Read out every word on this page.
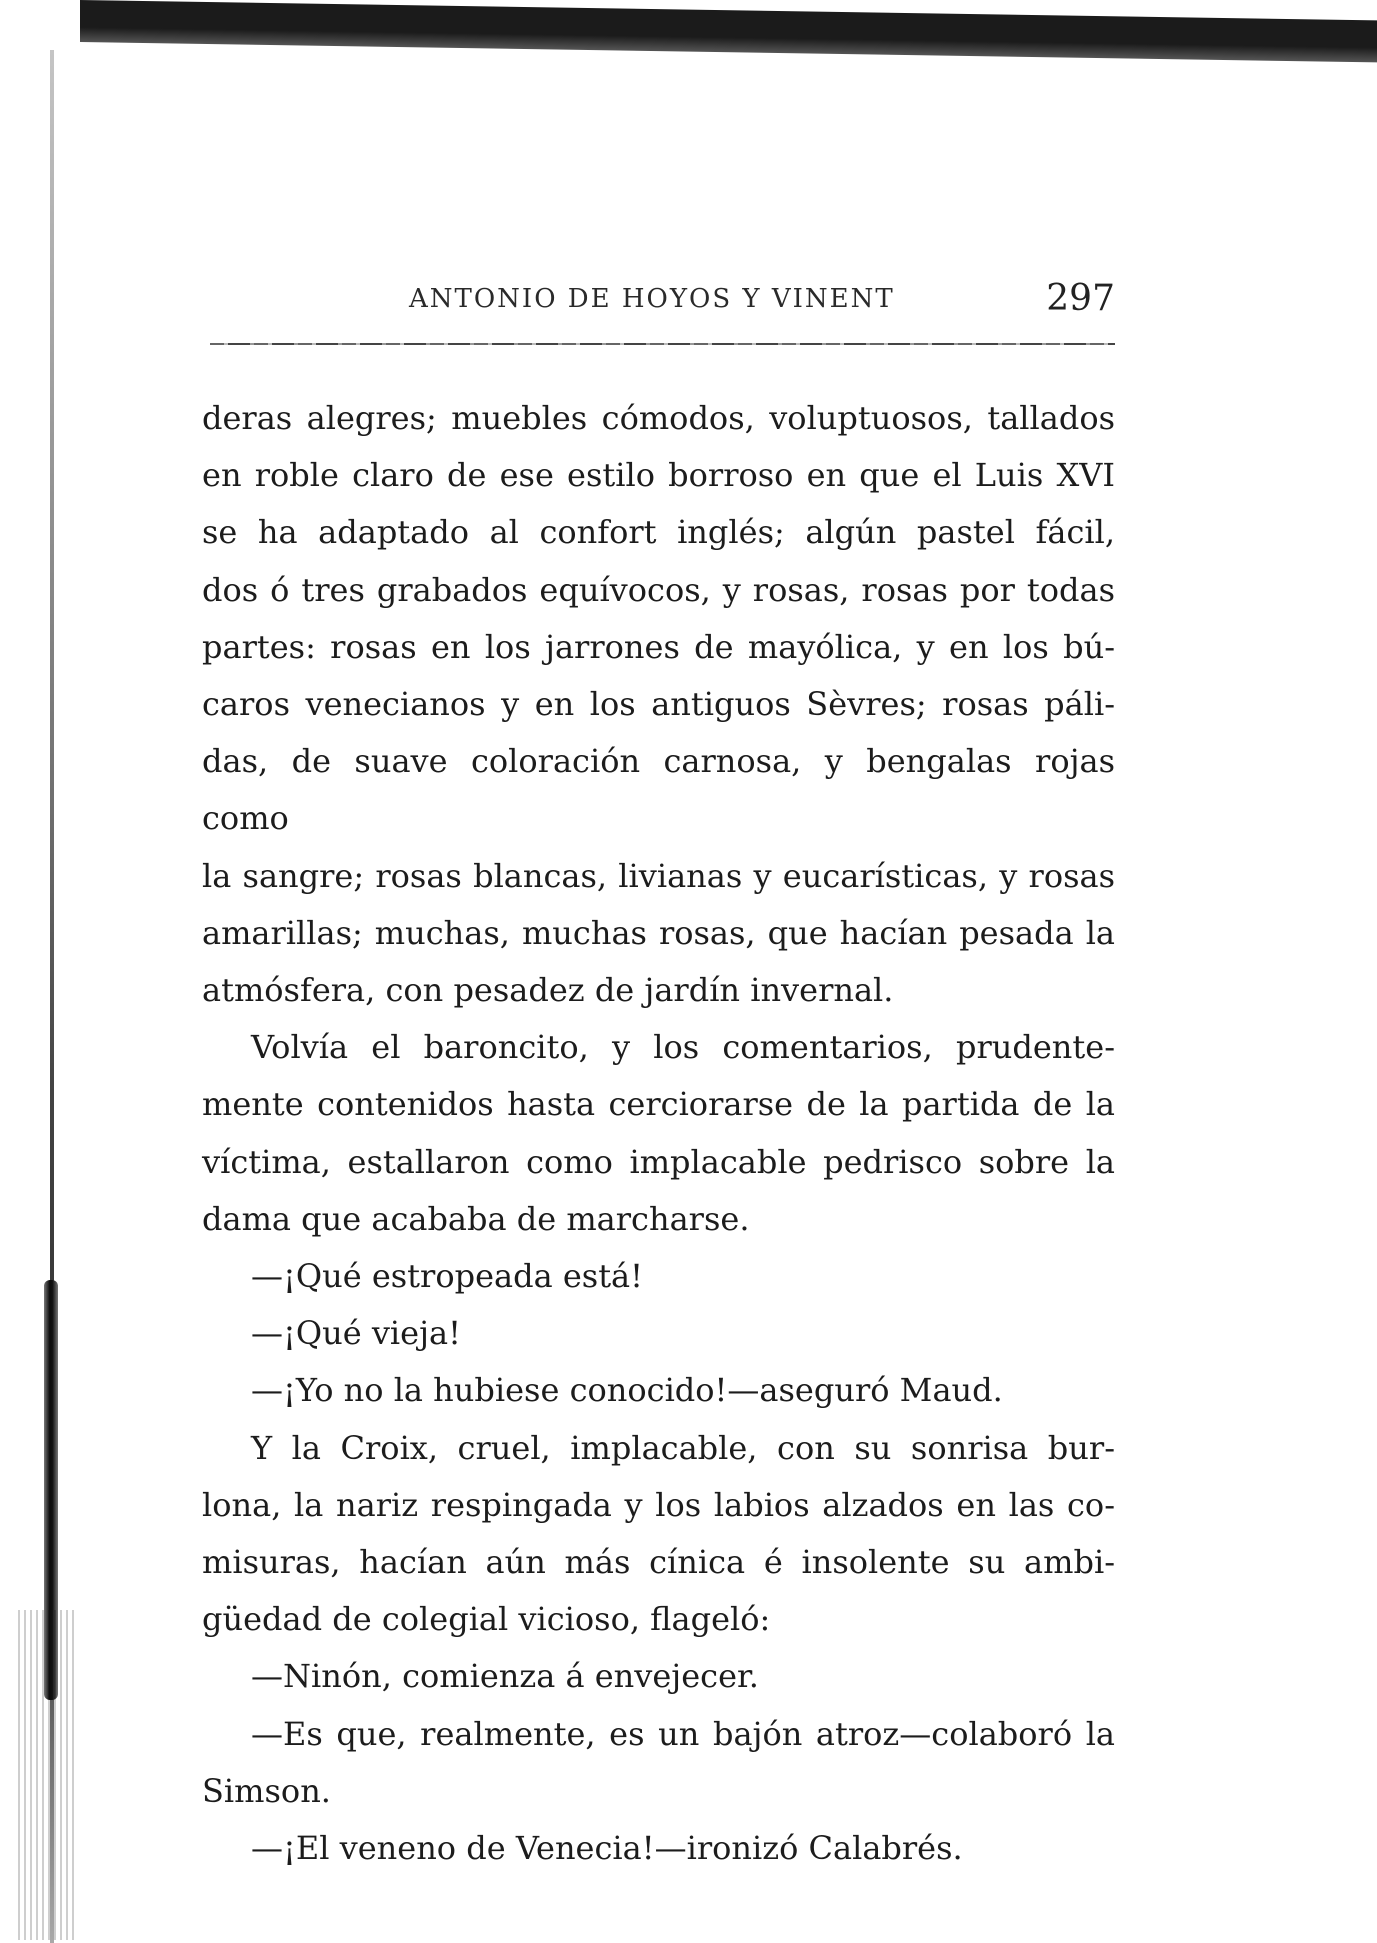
ANTONIO DE HOYOS Y VINENT	297

deras alegres; muebles cómodos, voluptuosos, tallados

en roble claro de ese estilo borroso en que el Luis XVI

se ha adaptado al confort inglés; algún pastel fácil,

dos ó tres grabados equívocos, y rosas, rosas por todas

partes: rosas en los jarrones de mayólica, y en los bú-

caros venecianos y en los antiguos Sèvres; rosas páli-

das, de suave coloración carnosa, y bengalas rojas como

la sangre; rosas blancas, livianas y eucarísticas, y rosas

amarillas; muchas, muchas rosas, que hacían pesada la

atmósfera, con pesadez de jardín invernal.

Volvía el baroncito, y los comentarios, prudente-

mente contenidos hasta cerciorarse de la partida de la

víctima, estallaron como implacable pedrisco sobre la

dama que acababa de marcharse.

—¡Qué estropeada está!

—¡Qué vieja!

—¡Yo no la hubiese conocido!—aseguró Maud.

Y la Croix, cruel, implacable, con su sonrisa bur-

lona, la nariz respingada y los labios alzados en las co-

misuras, hacían aún más cínica é insolente su ambi-

güedad de colegial vicioso, flageló:

—Ninón, comienza á envejecer.

—Es que, realmente, es un bajón atroz—colaboró la

Simson.

—¡El veneno de Venecia!—ironizó Calabrés.
